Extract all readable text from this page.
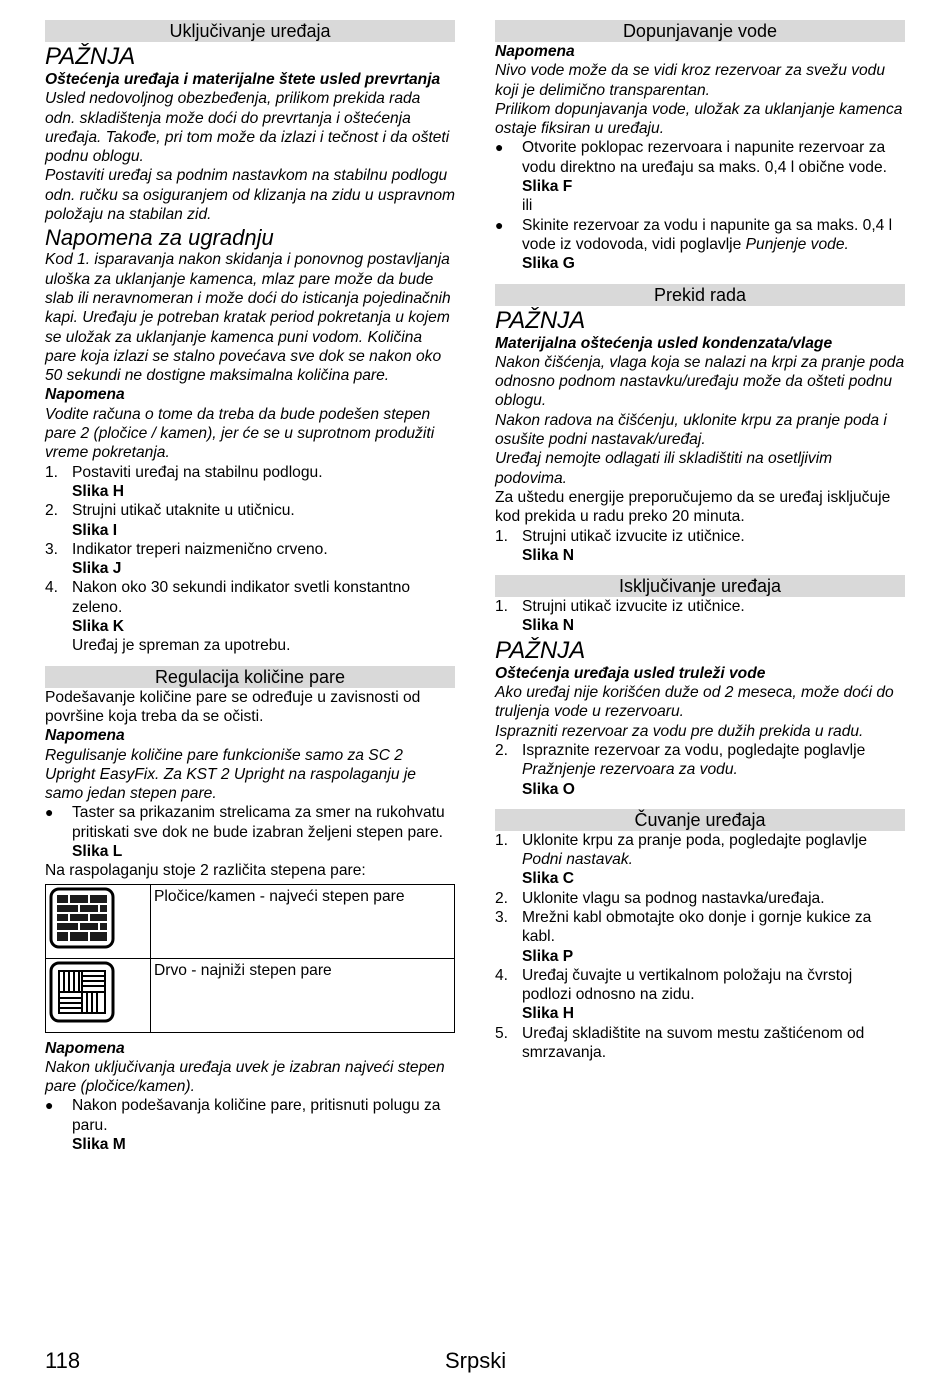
Uključivanje uređaja
PAŽNJA

Oštećenja uređaja i materijalne štete usled prevrtanja

Usled nedovoljnog obezbeđenja, prilikom prekida rada odn. skladištenja može doći do prevrtanja i oštećenja uređaja. Takođe, pri tom može da izlazi i tečnost i da ošteti podnu oblogu.

Postaviti uređaj sa podnim nastavkom na stabilnu podlogu odn. ručku sa osiguranjem od klizanja na zidu u uspravnom položaju na stabilan zid.

Napomena za ugradnju

Kod 1. isparavanja nakon skidanja i ponovnog postavljanja uloška za uklanjanje kamenca, mlaz pare može da bude slab ili neravnomeran i može doći do isticanja pojedinačnih kapi. Uređaju je potreban kratak period pokretanja u kojem se uložak za uklanjanje kamenca puni vodom. Količina pare koja izlazi se stalno povećava sve dok se nakon oko 50 sekundi ne dostigne maksimalna količina pare.

Napomena

Vodite računa o tome da treba da bude podešen stepen pare 2 (pločice / kamen), jer će se u suprotnom produžiti vreme pokretanja.

1. Postaviti uređaj na stabilnu podlogu.

Slika H

2. Strujni utikač utaknite u utičnicu.

Slika I

3. Indikator treperi naizmenično crveno.

Slika J

4. Nakon oko 30 sekundi indikator svetli konstantno zeleno.

Slika K

Uređaj je spreman za upotrebu.

Regulacija količine pare

Podešavanje količine pare se određuje u zavisnosti od površine koja treba da se očisti.

Napomena

Regulisanje količine pare funkcioniše samo za SC 2 Upright EasyFix. Za KST 2 Upright na raspolaganju je samo jedan stepen pare.

●	Taster sa prikazanim strelicama za smer na rukohvatu pritiskati sve dok ne bude izabran željeni stepen pare.

Slika L

Na raspolaganju stoje 2 različita stepena pare:

	Pločice/kamen - najveći stepen pare
	Drvo - najniži stepen pare

Napomena

Nakon uključivanja uređaja uvek je izabran najveći stepen pare (pločice/kamen).

●	Nakon podešavanja količine pare, pritisnuti polugu za paru.

Slika M

Dopunjavanje vode

Napomena

Nivo vode može da se vidi kroz rezervoar za svežu vodu koji je delimično transparentan.

Prilikom dopunjavanja vode, uložak za uklanjanje kamenca ostaje fiksiran u uređaju.

●	Otvorite poklopac rezervoara i napunite rezervoar za vodu direktno na uređaju sa maks. 0,4 l obične vode.

Slika F

ili

●	Skinite rezervoar za vodu i napunite ga sa maks. 0,4 l vode iz vodovoda, vidi poglavlje Punjenje vode.

Slika G

Prekid rada
PAŽNJA

Materijalna oštećenja usled kondenzata/vlage

Nakon čišćenja, vlaga koja se nalazi na krpi za pranje poda odnosno podnom nastavku/uređaju može da ošteti podnu oblogu.

Nakon radova na čišćenju, uklonite krpu za pranje poda i osušite podni nastavak/uređaj.

Uređaj nemojte odlagati ili skladištiti na osetljivim podovima.

Za uštedu energije preporučujemo da se uređaj isključuje kod prekida u radu preko 20 minuta.

1. Strujni utikač izvucite iz utičnice.

Slika N

Isključivanje uređaja
1. Strujni utikač izvucite iz utičnice.

Slika N

PAŽNJA

Oštećenja uređaja usled truleži vode

Ako uređaj nije korišćen duže od 2 meseca, može doći do truljenja vode u rezervoaru.

Isprazniti rezervoar za vodu pre dužih prekida u radu.

2. Ispraznite rezervoar za vodu, pogledajte poglavlje Pražnjenje rezervoara za vodu.

Slika O

Čuvanje uređaja
1. Uklonite krpu za pranje poda, pogledajte poglavlje Podni nastavak.

Slika C

2. Uklonite vlagu sa podnog nastavka/uređaja.

3. Mrežni kabl obmotajte oko donje i gornje kukice za kabl.

Slika P

4. Uređaj čuvajte u vertikalnom položaju na čvrstoj podlozi odnosno na zidu.

Slika H

5. Uređaj skladištite na suvom mestu zaštićenom od smrzavanja.

118	Srpski
